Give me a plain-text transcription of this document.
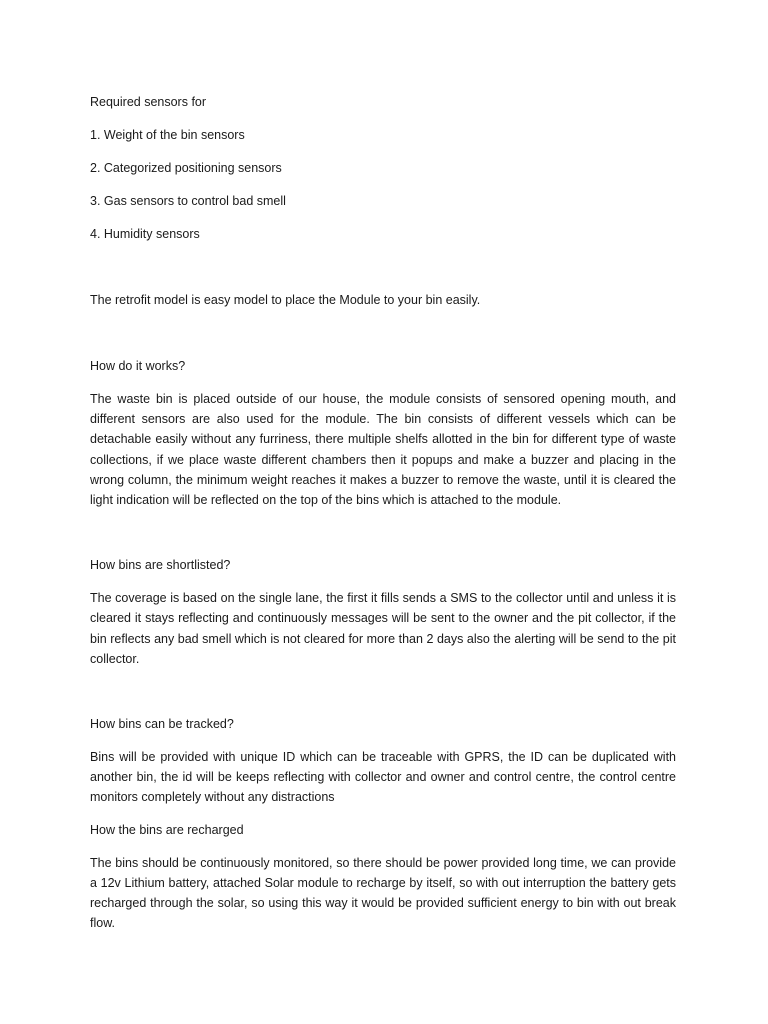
Required sensors for

1. Weight of the bin sensors

2. Categorized positioning sensors

3. Gas sensors to control bad smell

4. Humidity sensors

The retrofit model is easy model to place the Module to your bin easily.

How do it works?

The waste bin is placed outside of our house, the module consists of sensored opening mouth, and different sensors are also used for the module. The bin consists of different vessels which can be detachable easily without any furriness, there multiple shelfs allotted in the bin for different type of waste collections, if we place waste different chambers then it popups and make a buzzer and placing in the wrong column, the minimum weight reaches it makes a buzzer to remove the waste, until it is cleared the light indication will be reflected on the top of the bins which is attached to the module.

How bins are shortlisted?

The coverage is based on the single lane, the first it fills sends a SMS to the collector until and unless it is cleared it stays reflecting and continuously messages will be sent to the owner and the pit collector, if the bin reflects any bad smell which is not cleared for more than 2 days also the alerting will be send to the pit collector.

How bins can be tracked?

Bins will be provided with unique ID which can be traceable with GPRS, the ID can be duplicated with another bin, the id will be keeps reflecting with collector and owner and control centre, the control centre monitors completely without any distractions

How the bins are recharged

The bins should be continuously monitored, so there should be power provided long time, we can provide a 12v Lithium battery, attached Solar module to recharge by itself, so with out interruption the battery gets recharged through the solar, so using this way it would be provided sufficient energy to bin with out break flow.
